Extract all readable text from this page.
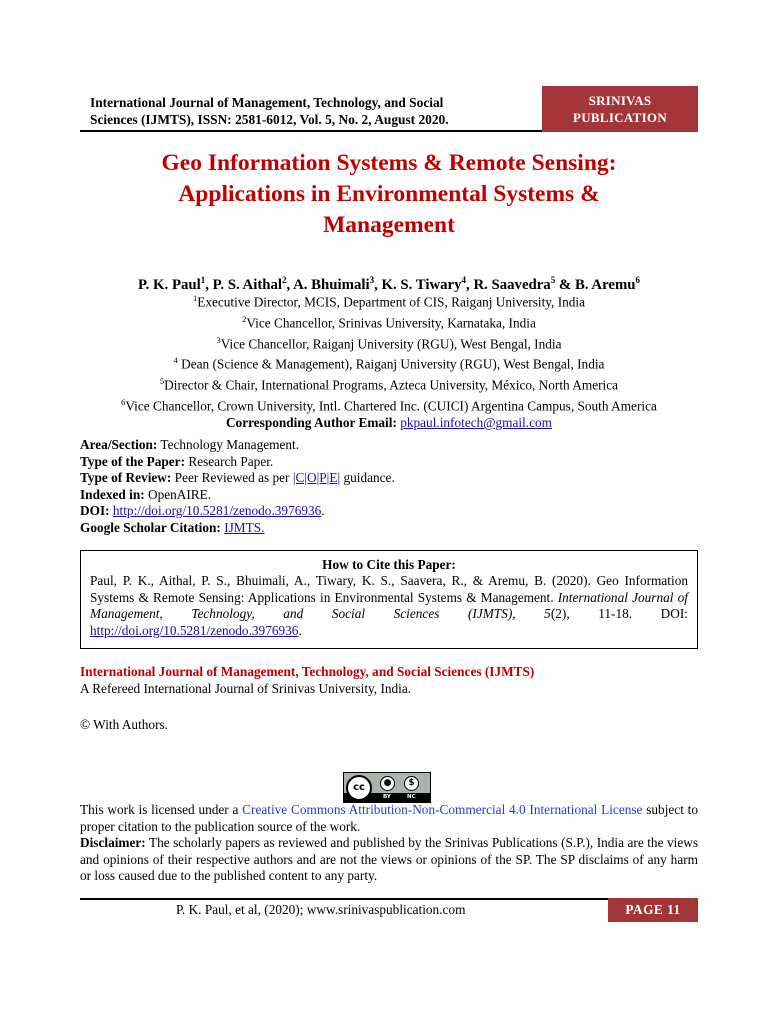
International Journal of Management, Technology, and Social
Sciences (IJMTS), ISSN: 2581-6012, Vol. 5, No. 2, August 2020.
SRINIVAS
PUBLICATION
Geo Information Systems & Remote Sensing:
Applications in Environmental Systems &
Management
P. K. Paul$^1$, P. S. Aithal$^2$, A. Bhuimali$^3$, K. S. Tiwary$^4$, R. Saavedra$^5$ & B. Aremu$^6$
$^1$Executive Director, MCIS, Department of CIS, Raiganj University, India
$^2$Vice Chancellor, Srinivas University, Karnataka, India
$^3$Vice Chancellor, Raiganj University (RGU), West Bengal, India
$^4$ Dean (Science & Management), Raiganj University (RGU), West Bengal, India
$^5$Director & Chair, International Programs, Azteca University, México, North America
$^6$Vice Chancellor, Crown University, Intl. Chartered Inc. (CUICI) Argentina Campus, South America
Corresponding Author Email: pkpaul.infotech@gmail.com
Area/Section: Technology Management.
Type of the Paper: Research Paper.
Type of Review: Peer Reviewed as per |C|O|P|E| guidance.
Indexed in: OpenAIRE.
DOI: http://doi.org/10.5281/zenodo.3976936.
Google Scholar Citation: IJMTS.
How to Cite this Paper:
Paul, P. K., Aithal, P. S., Bhuimali, A., Tiwary, K. S., Saavera, R., & Aremu, B. (2020). Geo Information Systems & Remote Sensing: Applications in Environmental Systems & Management. International Journal of Management, Technology, and Social Sciences (IJMTS), 5(2), 11-18. DOI: http://doi.org/10.5281/zenodo.3976936.
International Journal of Management, Technology, and Social Sciences (IJMTS)
A Refereed International Journal of Srinivas University, India.
© With Authors.
cc	●	$
BY	NC
This work is licensed under a Creative Commons Attribution-Non-Commercial 4.0 International License subject to proper citation to the publication source of the work.
Disclaimer: The scholarly papers as reviewed and published by the Srinivas Publications (S.P.), India are the views and opinions of their respective authors and are not the views or opinions of the SP. The SP disclaims of any harm or loss caused due to the published content to any party.
P. K. Paul, et al, (2020); www.srinivaspublication.com	PAGE 11
